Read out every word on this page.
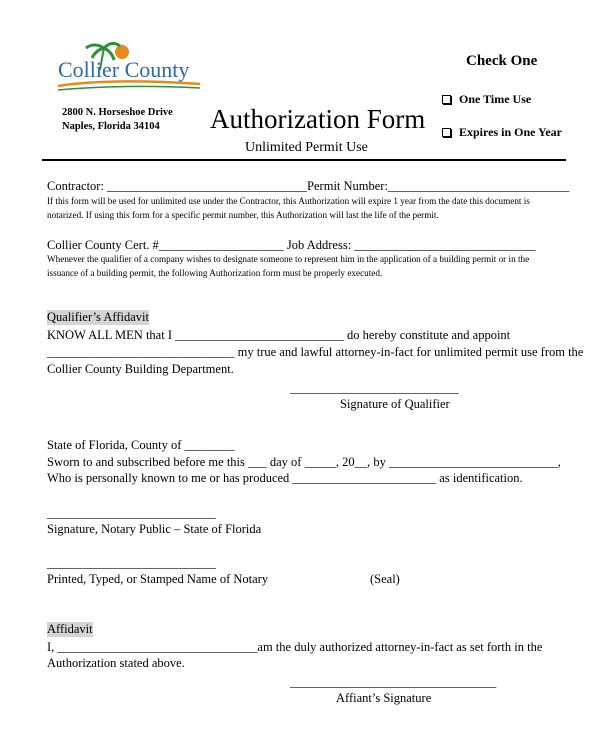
Collier County
2800 N. Horseshoe Drive
Naples, Florida 34104 Authorization Form
Unlimited Permit Use
Check One
One Time Use
Expires in One Year
Contractor: ________________________________Permit Number:_____________________________
If this form will be used for unlimited use under the Contractor, this Authorization will expire 1 year from the date this document is
notarized. If using this form for a specific permit number, this Authorization will last the life of the permit.
Collier County Cert. #____________________ Job Address: _____________________________
Whenever the qualifier of a company wishes to designate someone to represent him in the application of a building permit or in the
issuance of a building permit, the following Authorization form must be properly executed.
Qualifier’s Affidavit
KNOW ALL MEN that I ___________________________ do hereby constitute and appoint
______________________________ my true and lawful attorney-in-fact for unlimited permit use from the
Collier County Building Department.
___________________________
Signature of Qualifier
State of Florida, County of ________
Sworn to and subscribed before me this ___ day of _____, 20__, by ___________________________,
Who is personally known to me or has produced _______________________ as identification.
___________________________
Signature, Notary Public – State of Florida
___________________________
Printed, Typed, or Stamped Name of Notary	(Seal)
Affidavit
I, ________________________________am the duly authorized attorney-in-fact as set forth in the
Authorization stated above.
_________________________________
Affiant’s Signature
